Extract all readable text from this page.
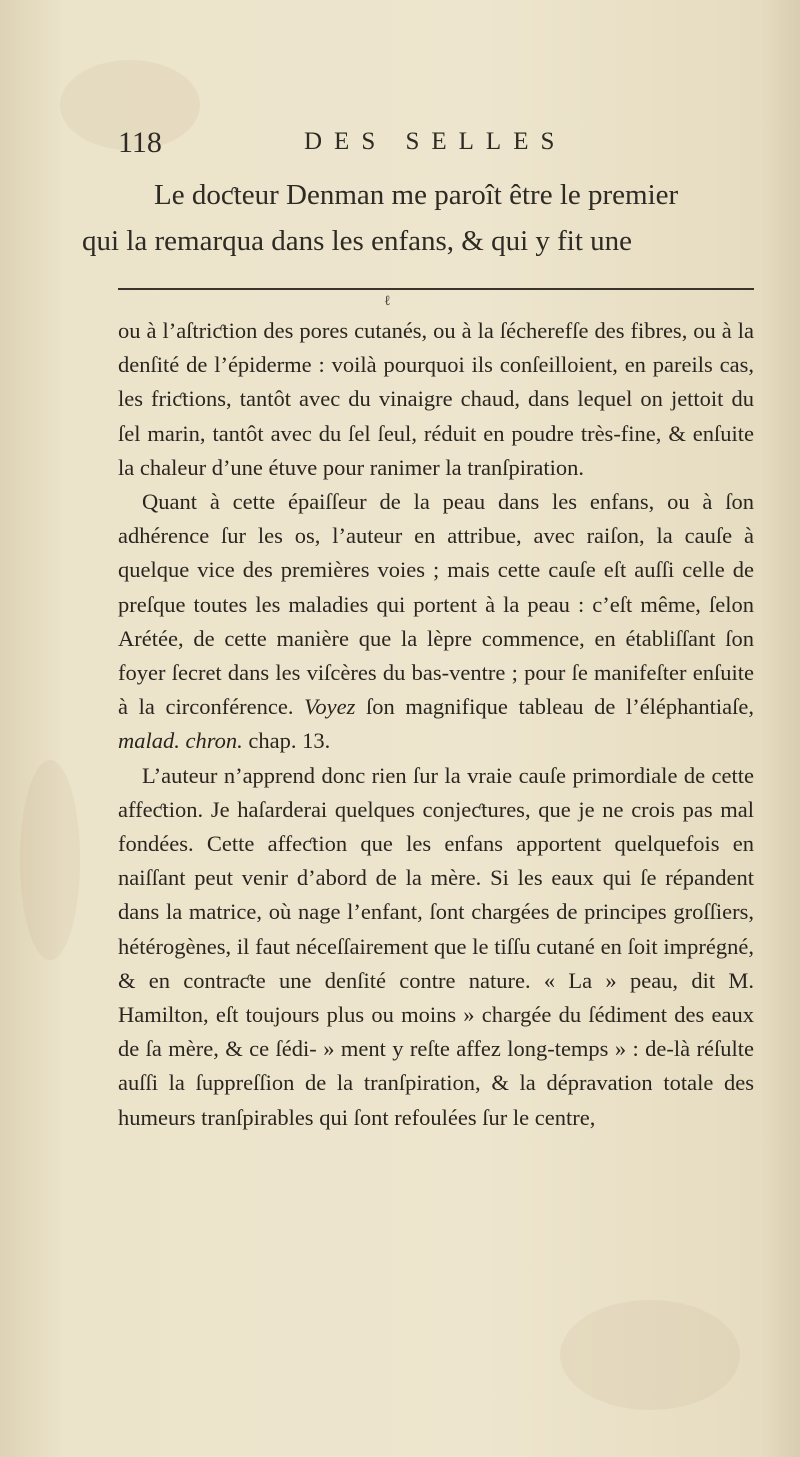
118	DES SELLES

Le doƈteur Denman me paroît être le premier
qui la remarqua dans les enfans, & qui y fit une

ℓ

ou à l’aſtriƈtion des pores cutanés, ou à la ſécherefſe des fibres, ou à la denſité de l’épiderme : voilà pourquoi ils conſeilloient, en pareils cas, les friƈtions, tantôt avec du vinaigre chaud, dans lequel on jettoit du ſel marin, tantôt avec du ſel ſeul, réduit en poudre très-fine, & enſuite la chaleur d’une étuve pour ranimer la tranſpiration.

Quant à cette épaiſſeur de la peau dans les enfans, ou à ſon adhérence ſur les os, l’auteur en attribue, avec raiſon, la cauſe à quelque vice des premières voies ; mais cette cauſe eſt auſſi celle de preſque toutes les maladies qui portent à la peau : c’eſt même, ſelon Arétée, de cette manière que la lèpre commence, en établiſſant ſon foyer ſecret dans les viſcères du bas-ventre ; pour ſe manifeſter enſuite à la circonférence. Voyez ſon magnifique tableau de l’éléphantiaſe, malad. chron. chap. 13.

L’auteur n’apprend donc rien ſur la vraie cauſe primordiale de cette affeƈtion. Je haſarderai quelques conjeƈtures, que je ne crois pas mal fondées. Cette affeƈtion que les enfans apportent quelquefois en naiſſant peut venir d’abord de la mère. Si les eaux qui ſe répandent dans la matrice, où nage l’enfant, ſont chargées de principes groſſiers, hétérogènes, il faut néceſſairement que le tiſſu cutané en ſoit imprégné, & en contraƈte une denſité contre nature. « La » peau, dit M. Hamilton, eſt toujours plus ou moins » chargée du ſédiment des eaux de ſa mère, & ce ſédi- » ment y reſte affez long-temps » : de-là réſulte auſſi la ſuppreſſion de la tranſpiration, & la dépravation totale des humeurs tranſpirables qui ſont refoulées ſur le centre,
